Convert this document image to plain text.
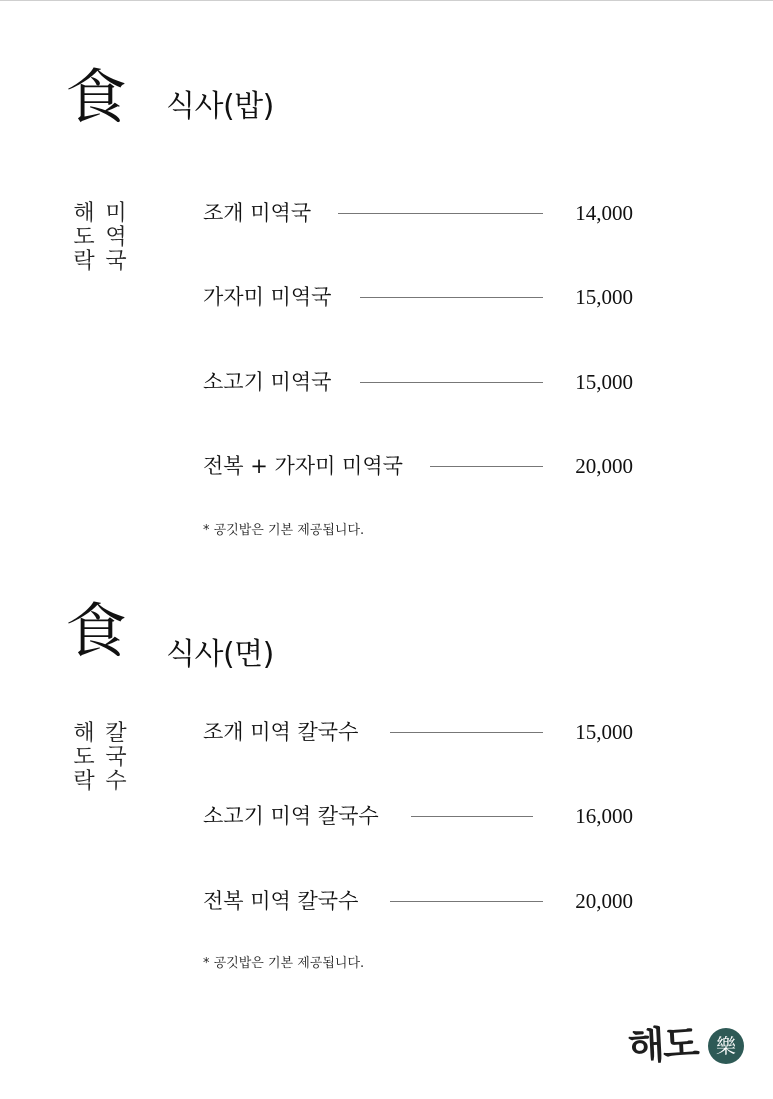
食 식사(밥)
해
도
락
미
역
국
조개 미역국	14,000
가자미 미역국	15,000
소고기 미역국	15,000
전복 + 가자미 미역국	20,000
* 공깃밥은 기본 제공됩니다.
食 식사(면)
해
도
락
칼
국
수
조개 미역 칼국수	15,000
소고기 미역 칼국수	16,000
전복 미역 칼국수	20,000
* 공깃밥은 기본 제공됩니다.
해도 樂
